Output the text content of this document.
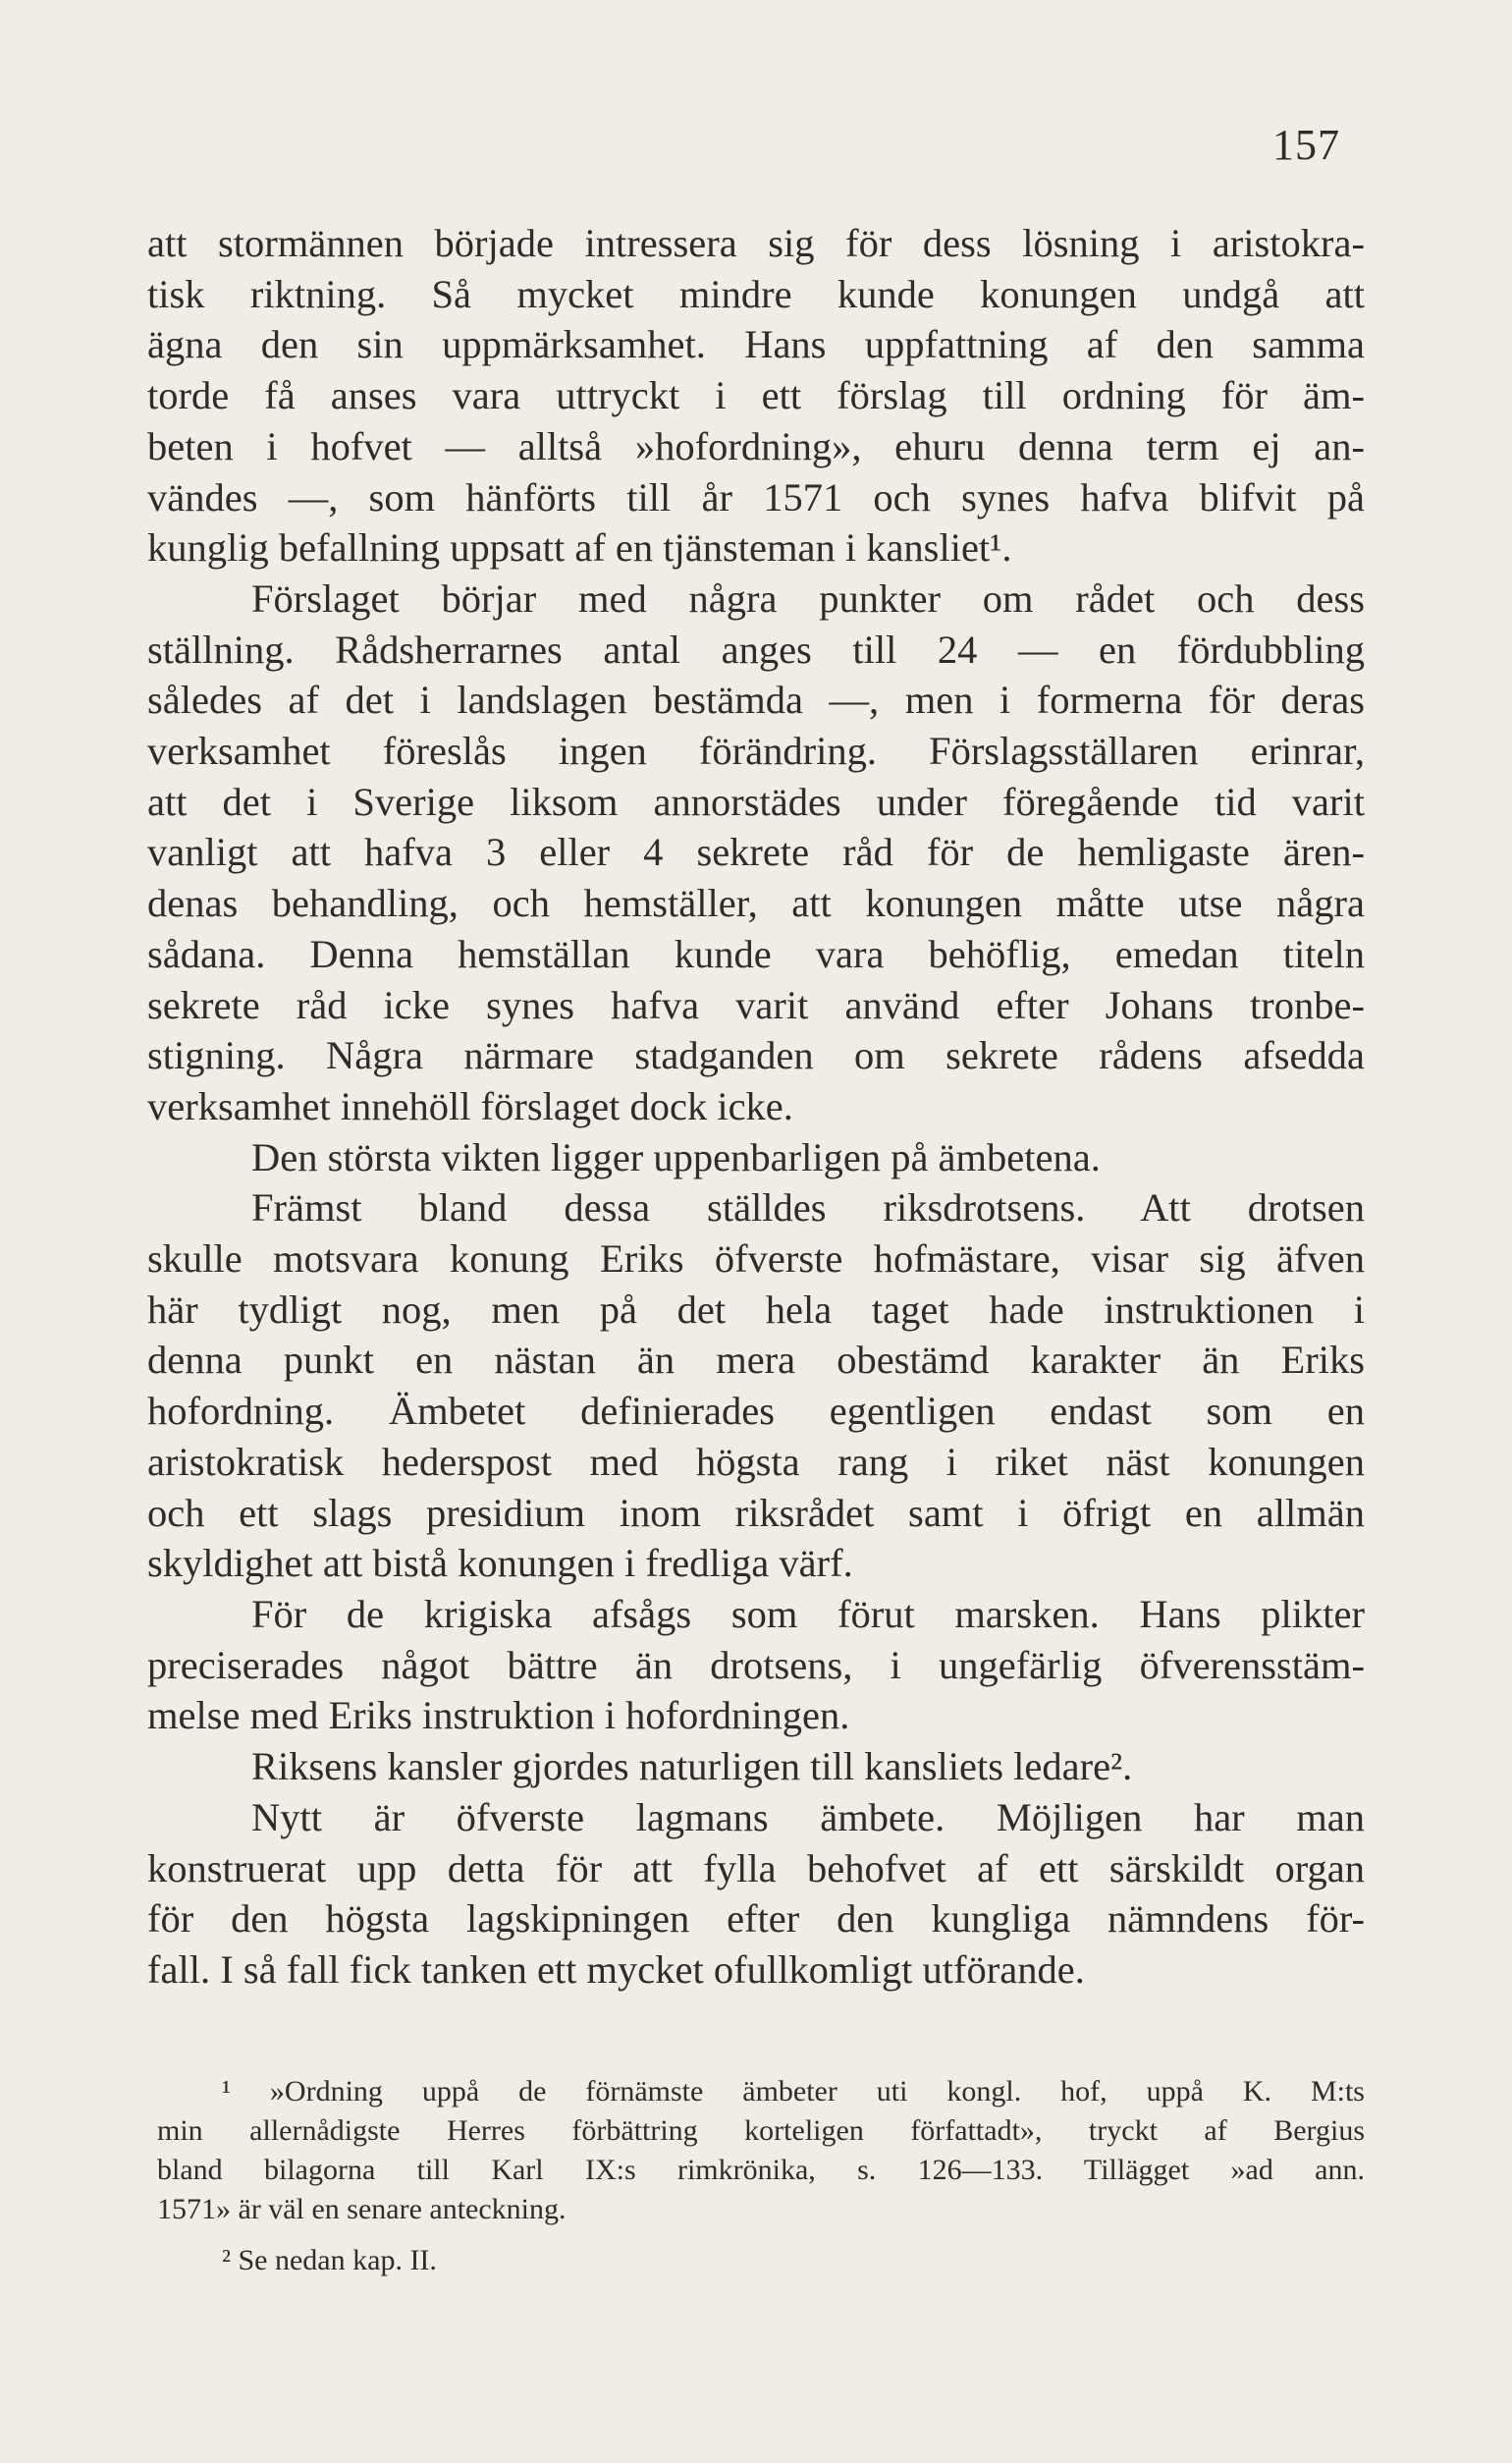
157
att stormännen började intressera sig för dess lösning i aristokra-
tisk riktning. Så mycket mindre kunde konungen undgå att
ägna den sin uppmärksamhet. Hans uppfattning af den samma
torde få anses vara uttryckt i ett förslag till ordning för äm-
beten i hofvet — alltså »hofordning», ehuru denna term ej an-
vändes —, som hänförts till år 1571 och synes hafva blifvit på
kunglig befallning uppsatt af en tjänsteman i kansliet¹.
Förslaget börjar med några punkter om rådet och dess
ställning. Rådsherrarnes antal anges till 24 — en fördubbling
således af det i landslagen bestämda —, men i formerna för deras
verksamhet föreslås ingen förändring. Förslagsställaren erinrar,
att det i Sverige liksom annorstädes under föregående tid varit
vanligt att hafva 3 eller 4 sekrete råd för de hemligaste ären-
denas behandling, och hemställer, att konungen måtte utse några
sådana. Denna hemställan kunde vara behöflig, emedan titeln
sekrete råd icke synes hafva varit använd efter Johans tronbe-
stigning. Några närmare stadganden om sekrete rådens afsedda
verksamhet innehöll förslaget dock icke.
Den största vikten ligger uppenbarligen på ämbetena.
Främst bland dessa ställdes riksdrotsens. Att drotsen
skulle motsvara konung Eriks öfverste hofmästare, visar sig äfven
här tydligt nog, men på det hela taget hade instruktionen i
denna punkt en nästan än mera obestämd karakter än Eriks
hofordning. Ämbetet definierades egentligen endast som en
aristokratisk hederspost med högsta rang i riket näst konungen
och ett slags presidium inom riksrådet samt i öfrigt en allmän
skyldighet att bistå konungen i fredliga värf.
För de krigiska afsågs som förut marsken. Hans plikter
preciserades något bättre än drotsens, i ungefärlig öfverensstäm-
melse med Eriks instruktion i hofordningen.
Riksens kansler gjordes naturligen till kansliets ledare².
Nytt är öfverste lagmans ämbete. Möjligen har man
konstruerat upp detta för att fylla behofvet af ett särskildt organ
för den högsta lagskipningen efter den kungliga nämndens för-
fall. I så fall fick tanken ett mycket ofullkomligt utförande.
¹ »Ordning uppå de förnämste ämbeter uti kongl. hof, uppå K. M:ts
min allernådigste Herres förbättring korteligen författadt», tryckt af Bergius
bland bilagorna till Karl IX:s rimkrönika, s. 126—133. Tillägget »ad ann.
1571» är väl en senare anteckning.
² Se nedan kap. II.
